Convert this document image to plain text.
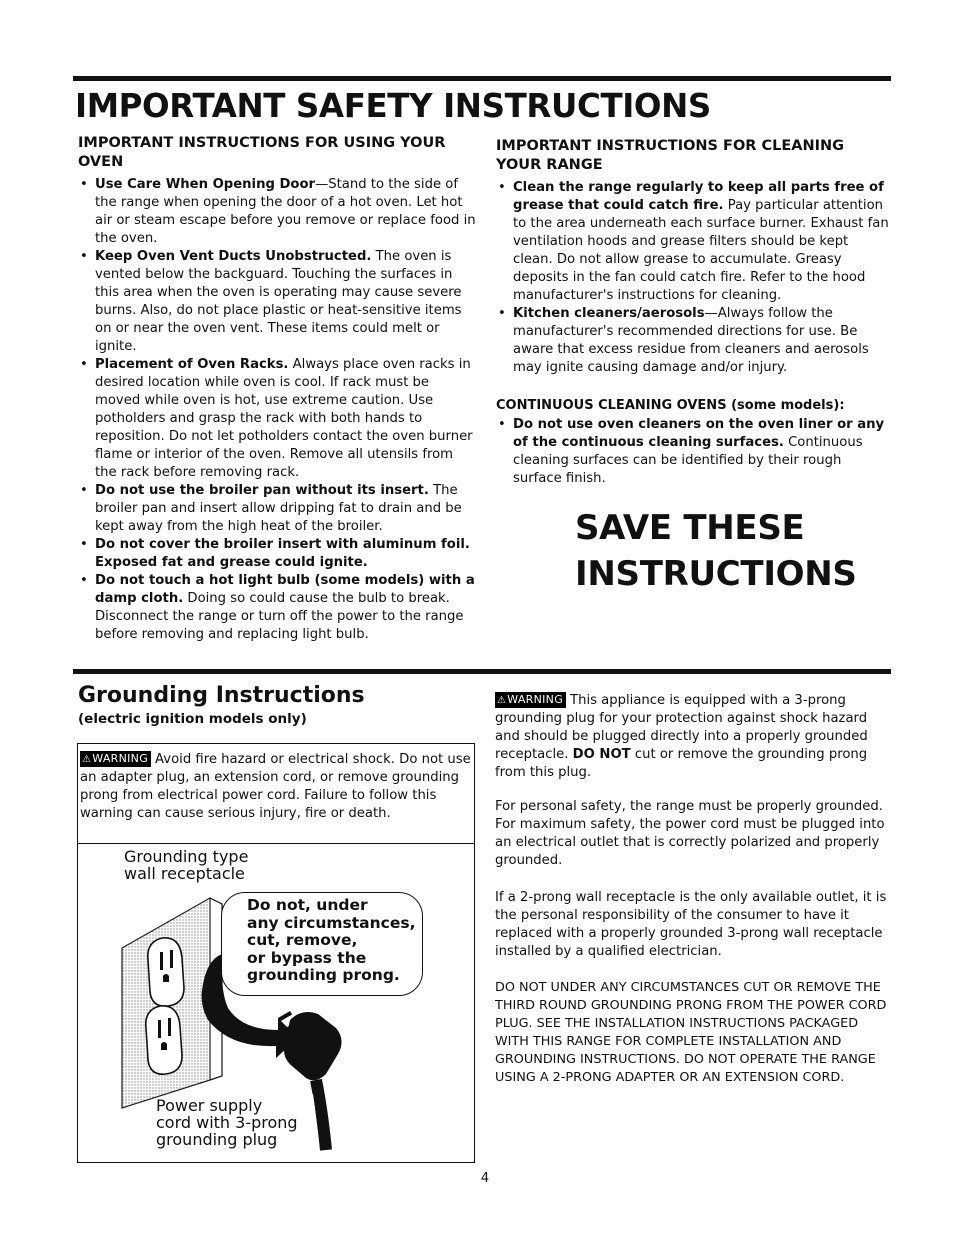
IMPORTANT SAFETY INSTRUCTIONS
IMPORTANT INSTRUCTIONS FOR USING YOUR OVEN
• Use Care When Opening Door—Stand to the side of the range when opening the door of a hot oven. Let hot air or steam escape before you remove or replace food in the oven.
• Keep Oven Vent Ducts Unobstructed. The oven is vented below the backguard. Touching the surfaces in this area when the oven is operating may cause severe burns. Also, do not place plastic or heat-sensitive items on or near the oven vent. These items could melt or ignite.
• Placement of Oven Racks. Always place oven racks in desired location while oven is cool. If rack must be moved while oven is hot, use extreme caution. Use potholders and grasp the rack with both hands to reposition. Do not let potholders contact the oven burner flame or interior of the oven. Remove all utensils from the rack before removing rack.
• Do not use the broiler pan without its insert. The broiler pan and insert allow dripping fat to drain and be kept away from the high heat of the broiler.
• Do not cover the broiler insert with aluminum foil. Exposed fat and grease could ignite.
• Do not touch a hot light bulb (some models) with a damp cloth. Doing so could cause the bulb to break. Disconnect the range or turn off the power to the range before removing and replacing light bulb.
IMPORTANT INSTRUCTIONS FOR CLEANING YOUR RANGE
• Clean the range regularly to keep all parts free of grease that could catch fire. Pay particular attention to the area underneath each surface burner. Exhaust fan ventilation hoods and grease filters should be kept clean. Do not allow grease to accumulate. Greasy deposits in the fan could catch fire. Refer to the hood manufacturer's instructions for cleaning.
• Kitchen cleaners/aerosols—Always follow the manufacturer's recommended directions for use. Be aware that excess residue from cleaners and aerosols may ignite causing damage and/or injury.
CONTINUOUS CLEANING OVENS (some models):
• Do not use oven cleaners on the oven liner or any of the continuous cleaning surfaces. Continuous cleaning surfaces can be identified by their rough surface finish.
SAVE THESE
INSTRUCTIONS
Grounding Instructions
(electric ignition models only)
⚠WARNING Avoid fire hazard or electrical shock. Do not use an adapter plug, an extension cord, or remove grounding prong from electrical power cord. Failure to follow this warning can cause serious injury, fire or death.
Grounding type
wall receptacle
Do not, under
any circumstances,
cut, remove,
or bypass the
grounding prong.
Power supply
cord with 3-prong
grounding plug
⚠WARNING This appliance is equipped with a 3-prong grounding plug for your protection against shock hazard and should be plugged directly into a properly grounded receptacle. DO NOT cut or remove the grounding prong from this plug.
For personal safety, the range must be properly grounded. For maximum safety, the power cord must be plugged into an electrical outlet that is correctly polarized and properly grounded.
If a 2-prong wall receptacle is the only available outlet, it is the personal responsibility of the consumer to have it replaced with a properly grounded 3-prong wall receptacle installed by a qualified electrician.
DO NOT UNDER ANY CIRCUMSTANCES CUT OR REMOVE THE THIRD ROUND GROUNDING PRONG FROM THE POWER CORD PLUG. SEE THE INSTALLATION INSTRUCTIONS PACKAGED WITH THIS RANGE FOR COMPLETE INSTALLATION AND GROUNDING INSTRUCTIONS. DO NOT OPERATE THE RANGE USING A 2-PRONG ADAPTER OR AN EXTENSION CORD.
4
